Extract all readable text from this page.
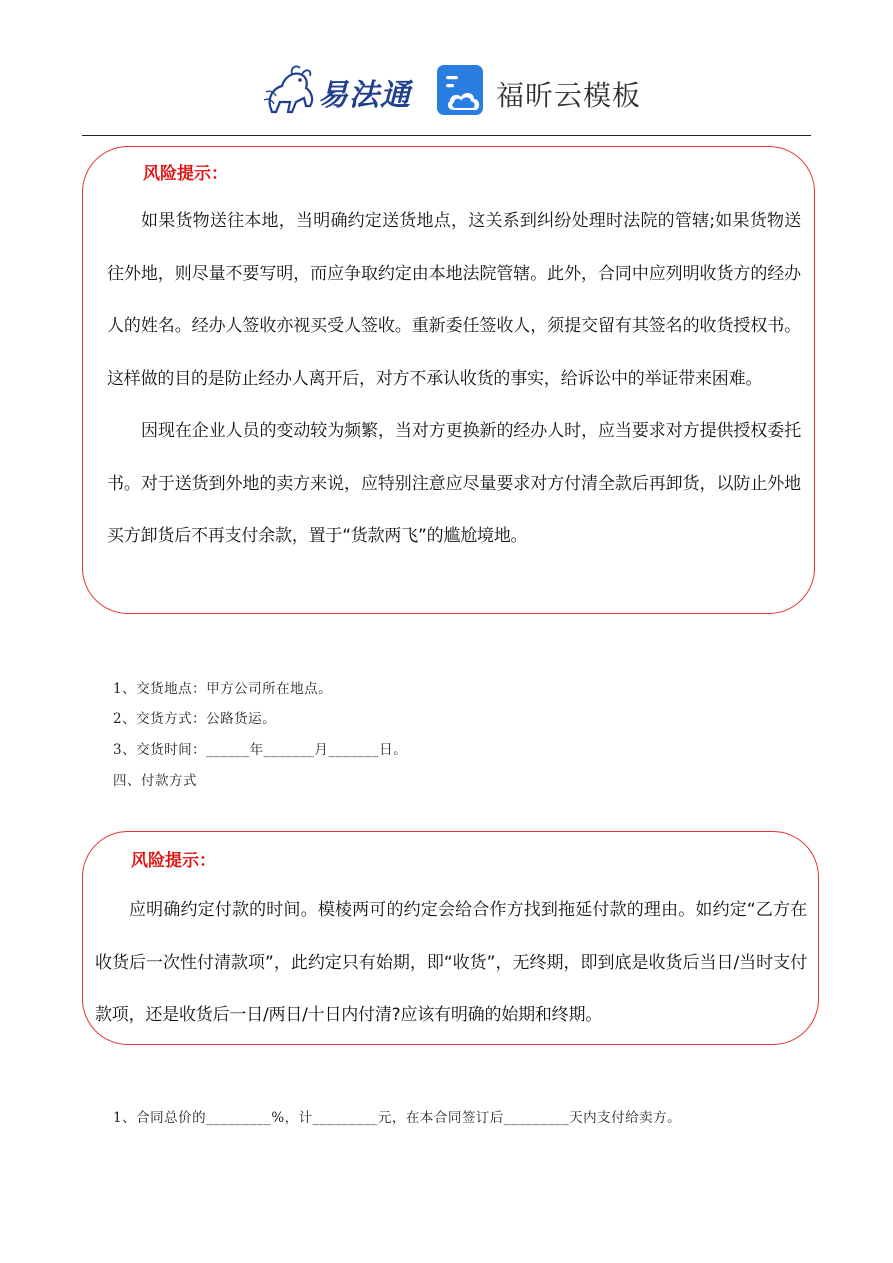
易法通	福昕云模板
风险提示：

如果货物送往本地，当明确约定送货地点，这关系到纠纷处理时法院的管辖;如果货物送往外地，则尽量不要写明，而应争取约定由本地法院管辖。此外，合同中应列明收货方的经办人的姓名。经办人签收亦视买受人签收。重新委任签收人，须提交留有其签名的收货授权书。这样做的目的是防止经办人离开后，对方不承认收货的事实，给诉讼中的举证带来困难。

因现在企业人员的变动较为频繁，当对方更换新的经办人时，应当要求对方提供授权委托书。对于送货到外地的卖方来说，应特别注意应尽量要求对方付清全款后再卸货，以防止外地买方卸货后不再支付余款，置于“货款两飞”的尴尬境地。

1、交货地点：甲方公司所在地点。
2、交货方式：公路货运。
3、交货时间：______年_______月_______日。
四、付款方式
风险提示：

应明确约定付款的时间。模棱两可的约定会给合作方找到拖延付款的理由。如约定“乙方在收货后一次性付清款项”，此约定只有始期，即“收货”，无终期，即到底是收货后当日/当时支付款项，还是收货后一日/两日/十日内付清?应该有明确的始期和终期。

1、合同总价的_________%，计_________元，在本合同签订后_________天内支付给卖方。
